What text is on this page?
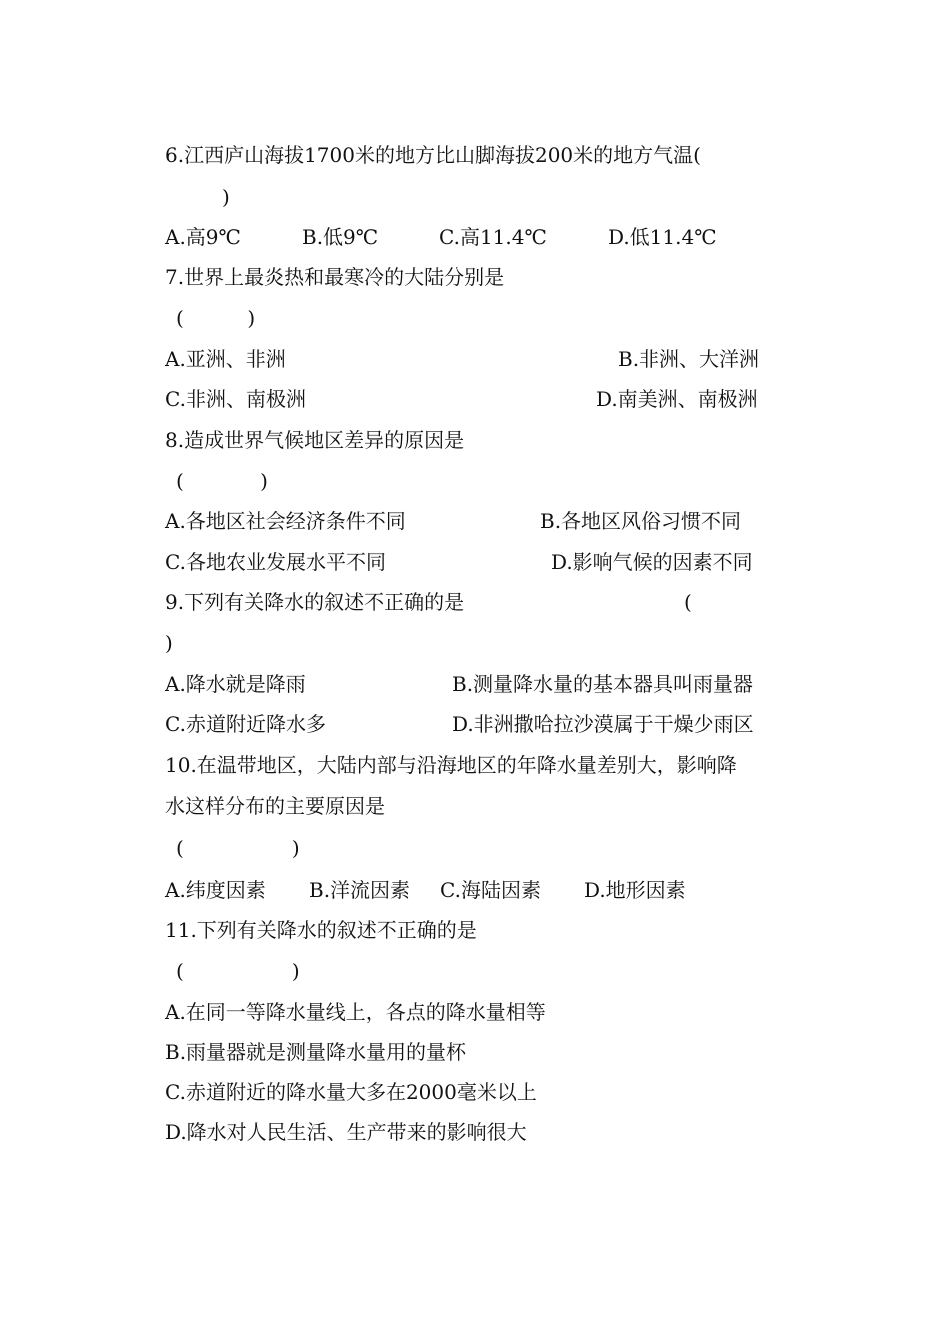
6.江西庐山海拔1700米的地方比山脚海拔200米的地方气温(
)
A.高9℃	B.低9℃	C.高11.4℃	D.低11.4℃
7.世界上最炎热和最寒冷的大陆分别是
(          )
A.亚洲、非洲	B.非洲、大洋洲
C.非洲、南极洲	D.南美洲、南极洲
8.造成世界气候地区差异的原因是
(            )
A.各地区社会经济条件不同	B.各地区风俗习惯不同
C.各地农业发展水平不同	D.影响气候的因素不同
9.下列有关降水的叙述不正确的是	(
)
A.降水就是降雨	B.测量降水量的基本器具叫雨量器
C.赤道附近降水多	D.非洲撒哈拉沙漠属于干燥少雨区
10.在温带地区，大陆内部与沿海地区的年降水量差别大，影响降
水这样分布的主要原因是
(                 )
A.纬度因素 B.洋流因素 C.海陆因素 D.地形因素
11.下列有关降水的叙述不正确的是
(                 )
A.在同一等降水量线上，各点的降水量相等
B.雨量器就是测量降水量用的量杯
C.赤道附近的降水量大多在2000毫米以上
D.降水对人民生活、生产带来的影响很大
